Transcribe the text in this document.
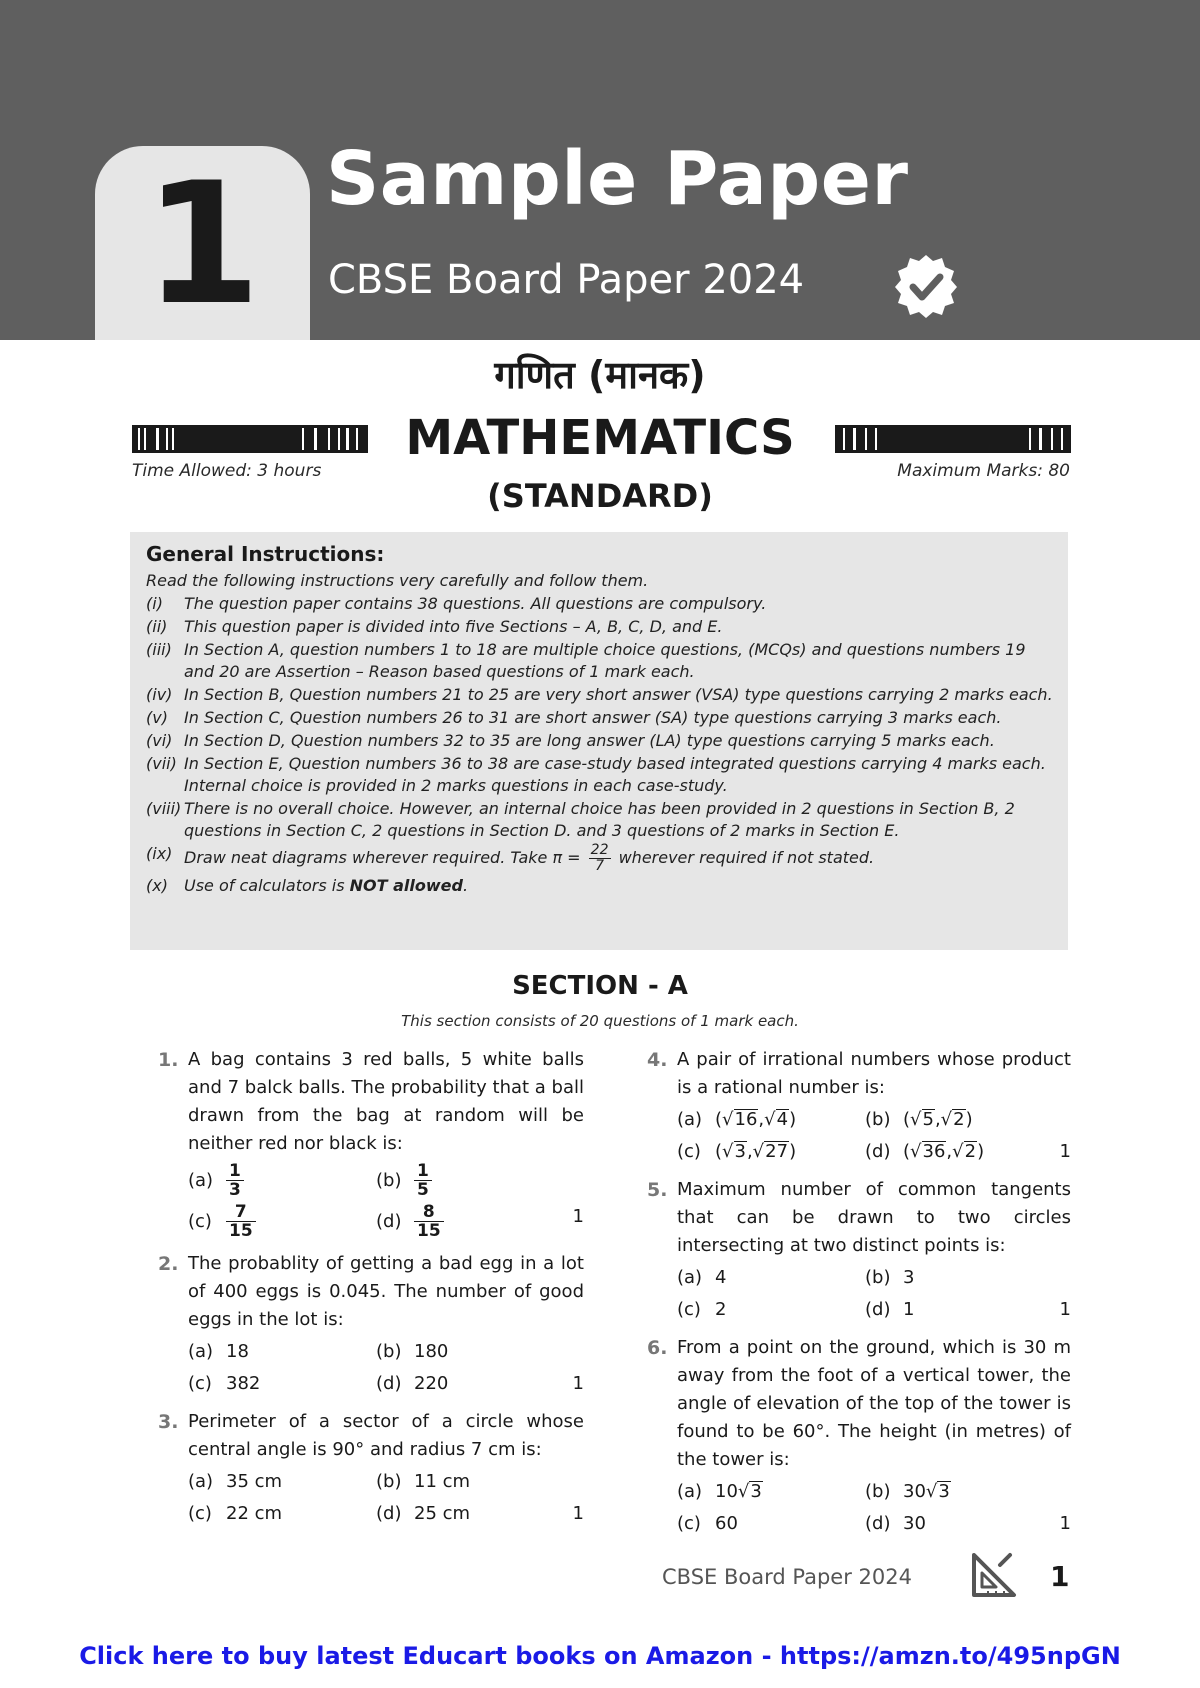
1 Sample Paper
CBSE Board Paper 2024
गणित (मानक)
MATHEMATICS
Time Allowed: 3 hours	Maximum Marks: 80
(STANDARD)
General Instructions:
Read the following instructions very carefully and follow them.
(i)	The question paper contains 38 questions. All questions are compulsory.
(ii)	This question paper is divided into five Sections – A, B, C, D, and E.
(iii) In Section A, question numbers 1 to 18 are multiple choice questions, (MCQs) and questions numbers 19 and 20 are Assertion – Reason based questions of 1 mark each.
(iv) In Section B, Question numbers 21 to 25 are very short answer (VSA) type questions carrying 2 marks each.
(v)	In Section C, Question numbers 26 to 31 are short answer (SA) type questions carrying 3 marks each.
(vi) In Section D, Question numbers 32 to 35 are long answer (LA) type questions carrying 5 marks each.
(vii) In Section E, Question numbers 36 to 38 are case-study based integrated questions carrying 4 marks each. Internal choice is provided in 2 marks questions in each case-study.
(viii) There is no overall choice. However, an internal choice has been provided in 2 questions in Section B, 2 questions in Section C, 2 questions in Section D. and 3 questions of 2 marks in Section E.
(ix) Draw neat diagrams wherever required. Take $\pi = \frac{22}{7}$ wherever required if not stated.
(x)	Use of calculators is NOT allowed.
SECTION - A
This section consists of 20 questions of 1 mark each.
1. A bag contains 3 red balls, 5 white balls and 7 balck balls. The probability that a ball drawn from the bag at random will be neither red nor black is:
$(a) \frac{1}{3}$	$(b) \frac{1}{5}$
$(c) \frac{7}{15}$	$(d) \frac{8}{15}$	1
2. The probablity of getting a bad egg in a lot of 400 eggs is 0.045. The number of good eggs in the lot is:
(a) 18	(b) 180
(c) 382	(d) 220	1
3. Perimeter of a sector of a circle whose central angle is 90° and radius 7 cm is:
(a) 35 cm	(b) 11 cm
(c) 22 cm	(d) 25 cm	1
4. A pair of irrational numbers whose product is a rational number is:
(a) (√16,√4)	(b) (√5,√2)
(c) (√3,√27)	(d) (√36,√2)	1
5. Maximum number of common tangents that can be drawn to two circles intersecting at two distinct points is:
(a) 4	(b) 3
(c) 2	(d) 1	1
6. From a point on the ground, which is 30 m away from the foot of a vertical tower, the angle of elevation of the top of the tower is found to be 60°. The height (in metres) of the tower is:
(a) 10√3	(b) 30√3
(c) 60	(d) 30	1
CBSE Board Paper 2024	1
Click here to buy latest Educart books on Amazon - https://amzn.to/495npGN
